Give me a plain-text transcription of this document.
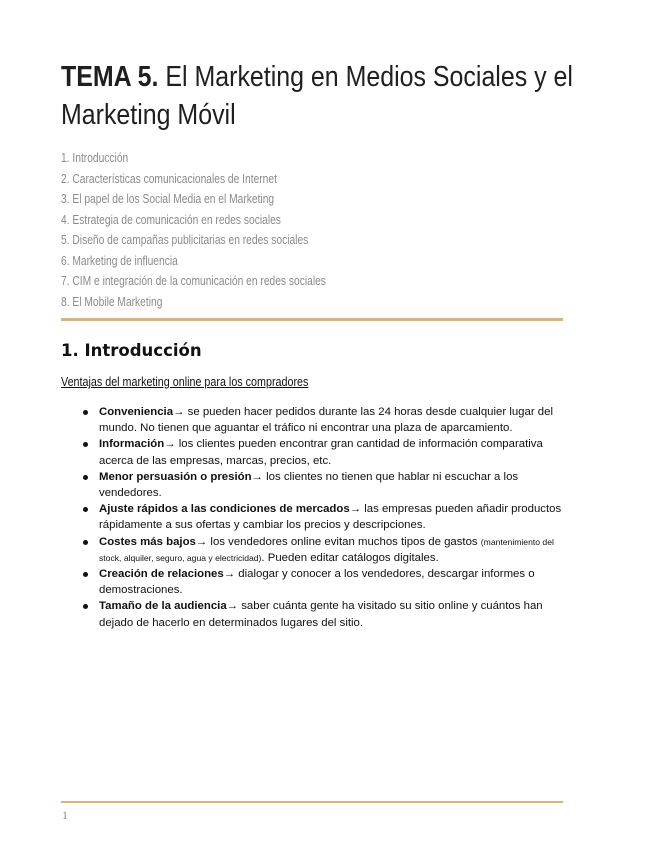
TEMA 5. El Marketing en Medios Sociales y el Marketing Móvil
1. Introducción
2. Características comunicacionales de Internet
3. El papel de los Social Media en el Marketing
4. Estrategia de comunicación en redes sociales
5. Diseño de campañas publicitarias en redes sociales
6. Marketing de influencia
7. CIM e integración de la comunicación en redes sociales
8. El Mobile Marketing
1. Introducción
Ventajas del marketing online para los compradores
Conveniencia→ se pueden hacer pedidos durante las 24 horas desde cualquier lugar del mundo. No tienen que aguantar el tráfico ni encontrar una plaza de aparcamiento.
Información→ los clientes pueden encontrar gran cantidad de información comparativa acerca de las empresas, marcas, precios, etc.
Menor persuasión o presión→ los clientes no tienen que hablar ni escuchar a los vendedores.
Ajuste rápidos a las condiciones de mercados→ las empresas pueden añadir productos rápidamente a sus ofertas y cambiar los precios y descripciones.
Costes más bajos→ los vendedores online evitan muchos tipos de gastos (mantenimiento del stock, alquiler, seguro, agua y electricidad). Pueden editar catálogos digitales.
Creación de relaciones→ dialogar y conocer a los vendedores, descargar informes o demostraciones.
Tamaño de la audiencia→ saber cuánta gente ha visitado su sitio online y cuántos han dejado de hacerlo en determinados lugares del sitio.
1
